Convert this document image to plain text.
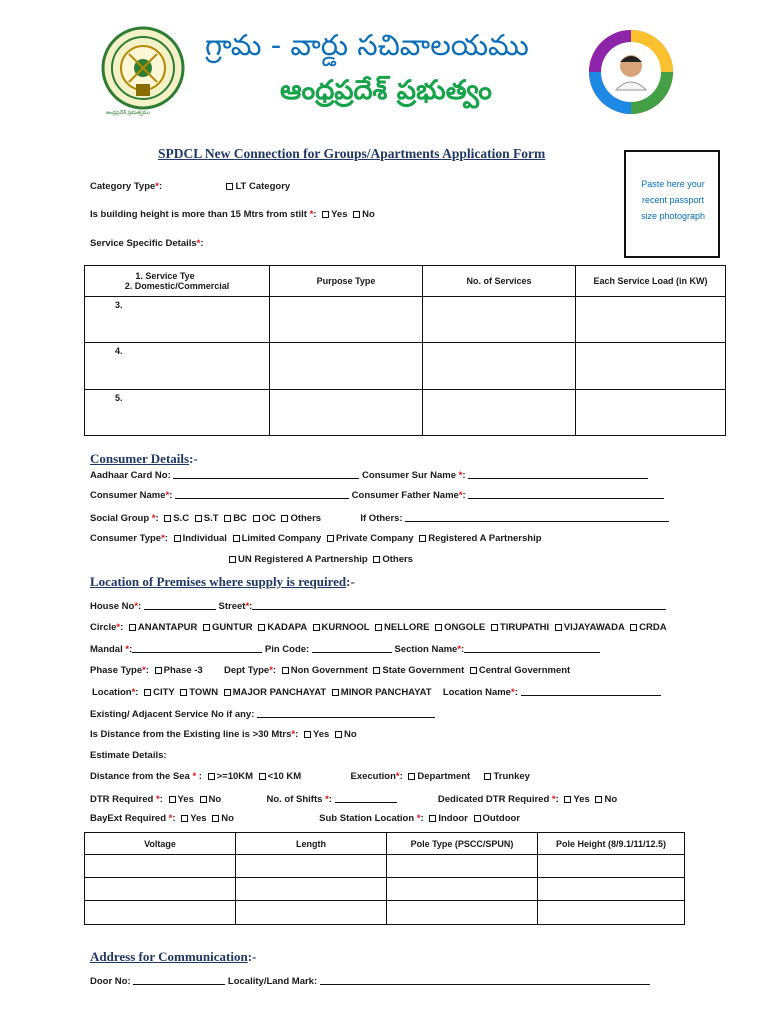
ఆంధ్రప్రదేశ్ ప్రభుత్వము
గ్రామ - వార్డు సచివాలయము
ఆంధ్రప్రదేశ్ ప్రభుత్వం
SPDCL New Connection for Groups/Apartments Application Form
Paste here your recent passport size photograph
Category Type*:	LT Category
Is building height is more than 15 Mtrs from stilt *: Yes No
Service Specific Details*:
1. Service Tye
2. Domestic/Commercial	Purpose Type	No. of Services	Each Service Load (in KW)
3.			
4.			
5.			
Consumer Details:-
Aadhaar Card No:	Consumer Sur Name *:
Consumer Name*:	Consumer Father Name*:
Social Group *: S.C S.T BC OC Others	If Others:
Consumer Type*: Individual Limited Company Private Company Registered A Partnership
UN Registered A Partnership Others
Location of Premises where supply is required:-
House No*:	Street*:
Circle*: ANANTAPUR GUNTUR KADAPA KURNOOL NELLORE ONGOLE TIRUPATHI VIJAYAWADA CRDA
Mandal *:	Pin Code:	Section Name*:
Phase Type*: Phase -3 Dept Type*: Non Government State Government Central Government
Location*: CITY TOWN MAJOR PANCHAYAT MINOR PANCHAYAT Location Name*:
Existing/ Adjacent Service No if any:
Is Distance from the Existing line is >30 Mtrs*: Yes No
Estimate Details:
Distance from the Sea * : >=10KM <10 KM	Execution*: Department Trunkey
DTR Required *: Yes No	No. of Shifts *:	Dedicated DTR Required *: Yes No
BayExt Required *: Yes No	Sub Station Location *: Indoor Outdoor
Voltage	Length	Pole Type (PSCC/SPUN)	Pole Height (8/9.1/11/12.5)

Address for Communication:-
Door No:	Locality/Land Mark:
